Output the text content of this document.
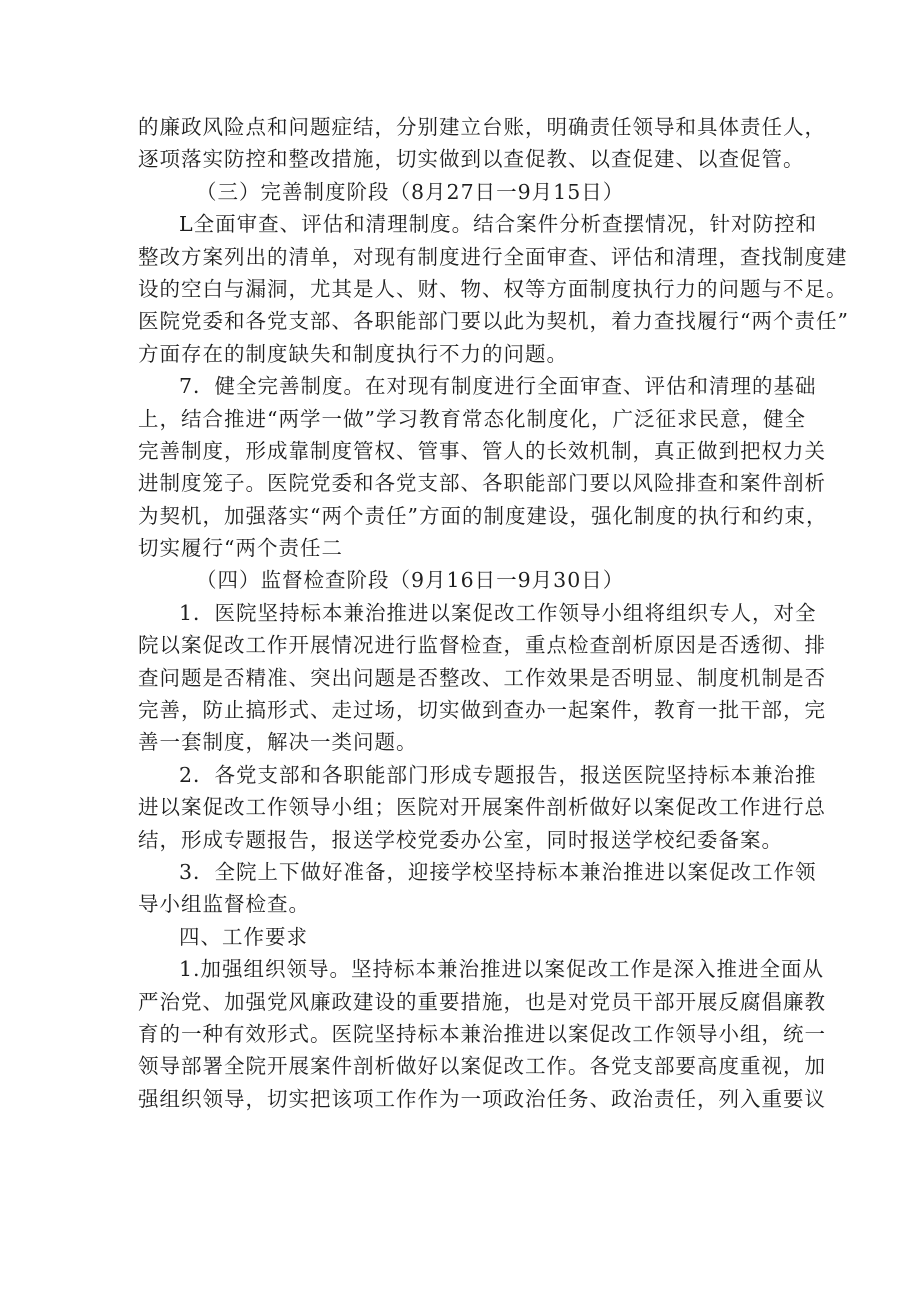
的廉政风险点和问题症结，分别建立台账，明确责任领导和具体责任人，
逐项落实防控和整改措施，切实做到以查促教、以查促建、以查促管。
（三）完善制度阶段（8月27日一9月15日）
L全面审查、评估和清理制度。结合案件分析查摆情况，针对防控和
整改方案列出的清单，对现有制度进行全面审查、评估和清理，查找制度建
设的空白与漏洞，尤其是人、财、物、权等方面制度执行力的问题与不足。
医院党委和各党支部、各职能部门要以此为契机，着力查找履行“两个责任”
方面存在的制度缺失和制度执行不力的问题。
7．健全完善制度。在对现有制度进行全面审查、评估和清理的基础
上，结合推进“两学一做”学习教育常态化制度化，广泛征求民意，健全
完善制度，形成靠制度管权、管事、管人的长效机制，真正做到把权力关
进制度笼子。医院党委和各党支部、各职能部门要以风险排查和案件剖析
为契机，加强落实“两个责任”方面的制度建设，强化制度的执行和约束，
切实履行“两个责任二
（四）监督检查阶段（9月16日一9月30日）
1．医院坚持标本兼治推进以案促改工作领导小组将组织专人，对全
院以案促改工作开展情况进行监督检查，重点检查剖析原因是否透彻、排
查问题是否精准、突出问题是否整改、工作效果是否明显、制度机制是否
完善，防止搞形式、走过场，切实做到查办一起案件，教育一批干部，完
善一套制度，解决一类问题。
2．各党支部和各职能部门形成专题报告，报送医院坚持标本兼治推
进以案促改工作领导小组；医院对开展案件剖析做好以案促改工作进行总
结，形成专题报告，报送学校党委办公室，同时报送学校纪委备案。
3．全院上下做好准备，迎接学校坚持标本兼治推进以案促改工作领
导小组监督检查。
四、工作要求
1.加强组织领导。坚持标本兼治推进以案促改工作是深入推进全面从
严治党、加强党风廉政建设的重要措施，也是对党员干部开展反腐倡廉教
育的一种有效形式。医院坚持标本兼治推进以案促改工作领导小组，统一
领导部署全院开展案件剖析做好以案促改工作。各党支部要高度重视，加
强组织领导，切实把该项工作作为一项政治任务、政治责任，列入重要议
